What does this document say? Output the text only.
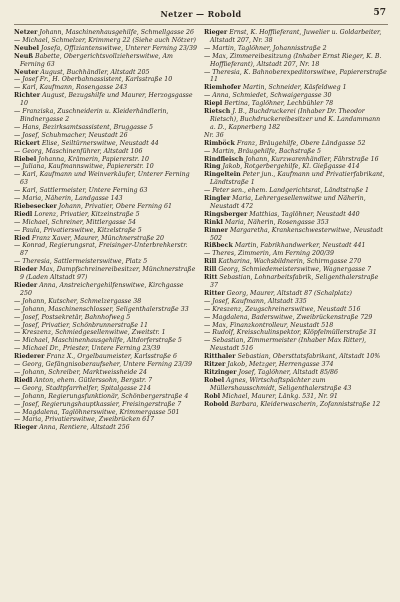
Netzer — Robold	57

Netzer Johann, Maschinenhausgehilfe, Schmellgasse 26

— Michael, Schmelzer, Krimmerg 22 (Siehe auch Nötzer)

Neubel Josefa, Offiziantenswitwe, Unterer Ferning 23/39

Neuß Babette, Obergerichtsvollzieherswitwe, Am Ferning 63

Neuter August, Buchhändler, Altstadt 205

— Josef Fr., H. Oberbahnassistent, Karlsstraße 10

— Karl, Kaufmann, Rosengasse 243

Richter August, Bezugshilfe und Maurer, Herzogsgasse 10

— Franziska, Zuschneiderin u. Kleiderhändlerin, Bindnergasse 2

— Hans, Bezirksamtsassistent, Bruggasse 5

— Josef, Schuhmacher, Neustadt 26

Rickert Elise, Seiltürnerswitwe, Neustadt 44

— Georg, Maschinenführer, Altstadt 106

Riebel Johanna, Krämerin, Papiererstr. 10

— Juliana, Kaufmannswitwe, Papiererstr. 10

— Karl, Kaufmann und Weinverkäufer, Unterer Ferning 63

— Karl, Sattlermeister, Untere Ferning 63

— Maria, Näherin, Landgasse 143

Riebesecker Johann, Privatier, Obere Ferning 61

Riedl Lorenz, Privatier, Kitzeinstraße 5

— Michael, Schreiner, Mittlergasse 54

— Paula, Privatierswitwe, Kitzelstraße 5

Ried Franz Xaver, Maurer, Münchnerstraße 20

— Konrad, Regierungsrat, Freisinger-Unterbrehkerstr. 87

— Theresia, Sattlermeisterswitwe, Platz 5

Rieder Max, Dampfschreinereibesitzer, Münchnerstraße 9 (Laden Altstadt 97)

Rieder Anna, Anstreichergehilfenswitwe, Kirchgasse 250

— Johann, Kutscher, Schmelzergasse 38

— Johann, Maschinenschlosser, Seligenthalerstraße 33

— Josef, Postsekretär, Bahnhofweg 5

— Josef, Privatier, Schönbrunnerstraße 11

— Kreszenz, Schmiedgesellenwitwe, Zweitstr. 1

— Michael, Maschinenhausgehilfe, Altdorferstraße 5

— Michael Dr., Priester, Untere Ferning 23/39

Riederer Franz X., Orgelbaumeister, Karlsstraße 6

— Georg, Gefängnisoberaufseher, Untere Ferning 23/39

— Johann, Schreiber, Marktweissheide 24

Riedl Anton, ehem. Gütlerssohn, Bergstr. 7

— Georg, Stadtpfarrhelfer, Spitalgasse 214

— Johann, Regierungsfunktionär, Schönbergerstraße 4

— Josef, Regierungshauptkassier, Freisingerstraße 7

— Magdalena, Taglöhnerswitwe, Krimmergasse 501

— Maria, Privatierswitwe, Zweibrücken 617

Rieger Anna, Rentiere, Altstadt 256

Rieger Ernst, K. Hofflieferant, Juwelier u. Goldarbeiter, Altstadt 207, Nr. 38

— Martin, Taglöhner, Johannisstraße 2

— Max, Zimmereibesitzung (Inhaber Ernst Rieger, K. B. Hofflieferant), Altstadt 207, Nr. 18

— Theresia, K. Bahnoberexpeditorswitwe, Papiererstraße 11

Riemhofer Martin, Schneider, Käsfeldweg 1

— Anna, Schmiedet, Schwaigergasse 30

Riepl Bertina, Taglöhner, Lechbühler 78

Rietsch J. B., Buchdruckerei (Inhaber Dr. Theodor Rietsch), Buchdruckereibesitzer und K. Landammann a. D., Kapnerberg 182

Nr. 36

Rimböck Franz, Bräugehilfe, Obere Ländgasse 52

— Martin, Bräugehilfe, Bachstraße 5

Rindfleisch Johann, Kurzwarenhändler, Fährstraße 16

Ring Jakob, Rotgerbergehilfe, Kl. Gießgasse 414

Ringeltein Peter jun., Kaufmann und Privatierfabrikant, Ländtstraße 1

— Peter sen., ehem. Landgerichtsrat, Ländtstraße 1

Ringler Maria, Lehrergesellenwitwe und Näherin, Neustadt 472

Ringsberger Matthias, Taglöhner, Neustadt 440

Rinkl Maria, Näherin, Rosengasse 353

Rinner Margaretha, Krankenschwesterwitwe, Neustadt 502

Rißbeck Martin, Fabrikhandwerker, Neustadt 441

— Theres, Zimmerin, Am Ferning 200/39

Rill Katharina, Wachsbildnerin, Schirmgasse 270

Rill Georg, Schmiedemeisterswitwe, Wagnergasse 7

Ritt Sebastian, Lohnarbeitsfabrik, Seligenthalerstraße 37

Ritter Georg, Maurer, Altstadt 87 (Schalplatz)

— Josef, Kaufmann, Altstadt 335

— Kreszenz, Zeugschreinerswitwe, Neustadt 516

— Magdalena, Baderswitwe, Zweibrückenstraße 729

— Max, Finanzkontrolleur, Neustadt 518

— Rudolf, Kreisschulinspektor, Klöpfelmüllerstraße 31

— Sebastian, Zimmermeister (Inhaber Max Ritter), Neustadt 516

Ritthaler Sebastian, Obersttatsfabrikant, Altstadt 10%

Ritzer Jakob, Metzger, Herrengasse 374

Ritzinger Josef, Taglöhner, Altstadt 85/86

Robel Agnes, Wirtschaftspächter zum Müllershausschmidt, Seligenthalerstraße 43

Robl Michael, Maurer, Länkg. 531, Nr. 91

Robold Barbara, Kleiderwascherin, Zofanniststraße 12
